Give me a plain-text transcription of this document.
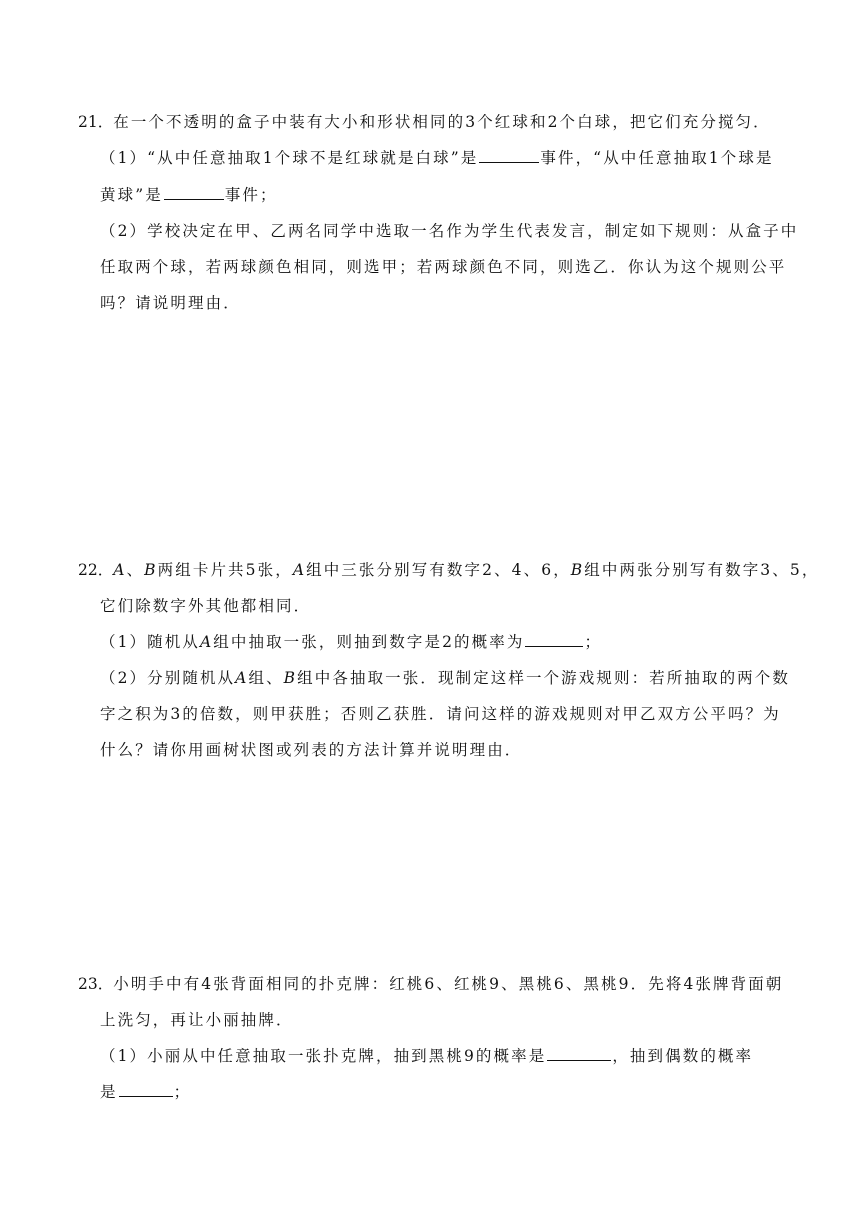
21．在一个不透明的盒子中装有大小和形状相同的3个红球和2个白球，把它们充分搅匀．
（1）“从中任意抽取1个球不是红球就是白球”是	事件，“从中任意抽取1个球是
黄球”是	事件；
（2）学校决定在甲、乙两名同学中选取一名作为学生代表发言，制定如下规则：从盒子中
任取两个球，若两球颜色相同，则选甲；若两球颜色不同，则选乙．你认为这个规则公平
吗？请说明理由．
22．A、B两组卡片共5张，A组中三张分别写有数字2、4、6，B组中两张分别写有数字3、5，
它们除数字外其他都相同．
（1）随机从A组中抽取一张，则抽到数字是2的概率为	；
（2）分别随机从A组、B组中各抽取一张．现制定这样一个游戏规则：若所抽取的两个数
字之积为3的倍数，则甲获胜；否则乙获胜．请问这样的游戏规则对甲乙双方公平吗？为
什么？请你用画树状图或列表的方法计算并说明理由．
23．小明手中有4张背面相同的扑克牌：红桃6、红桃9、黑桃6、黑桃9．先将4张牌背面朝
上洗匀，再让小丽抽牌．
（1）小丽从中任意抽取一张扑克牌，抽到黑桃9的概率是	，抽到偶数的概率
是	；
